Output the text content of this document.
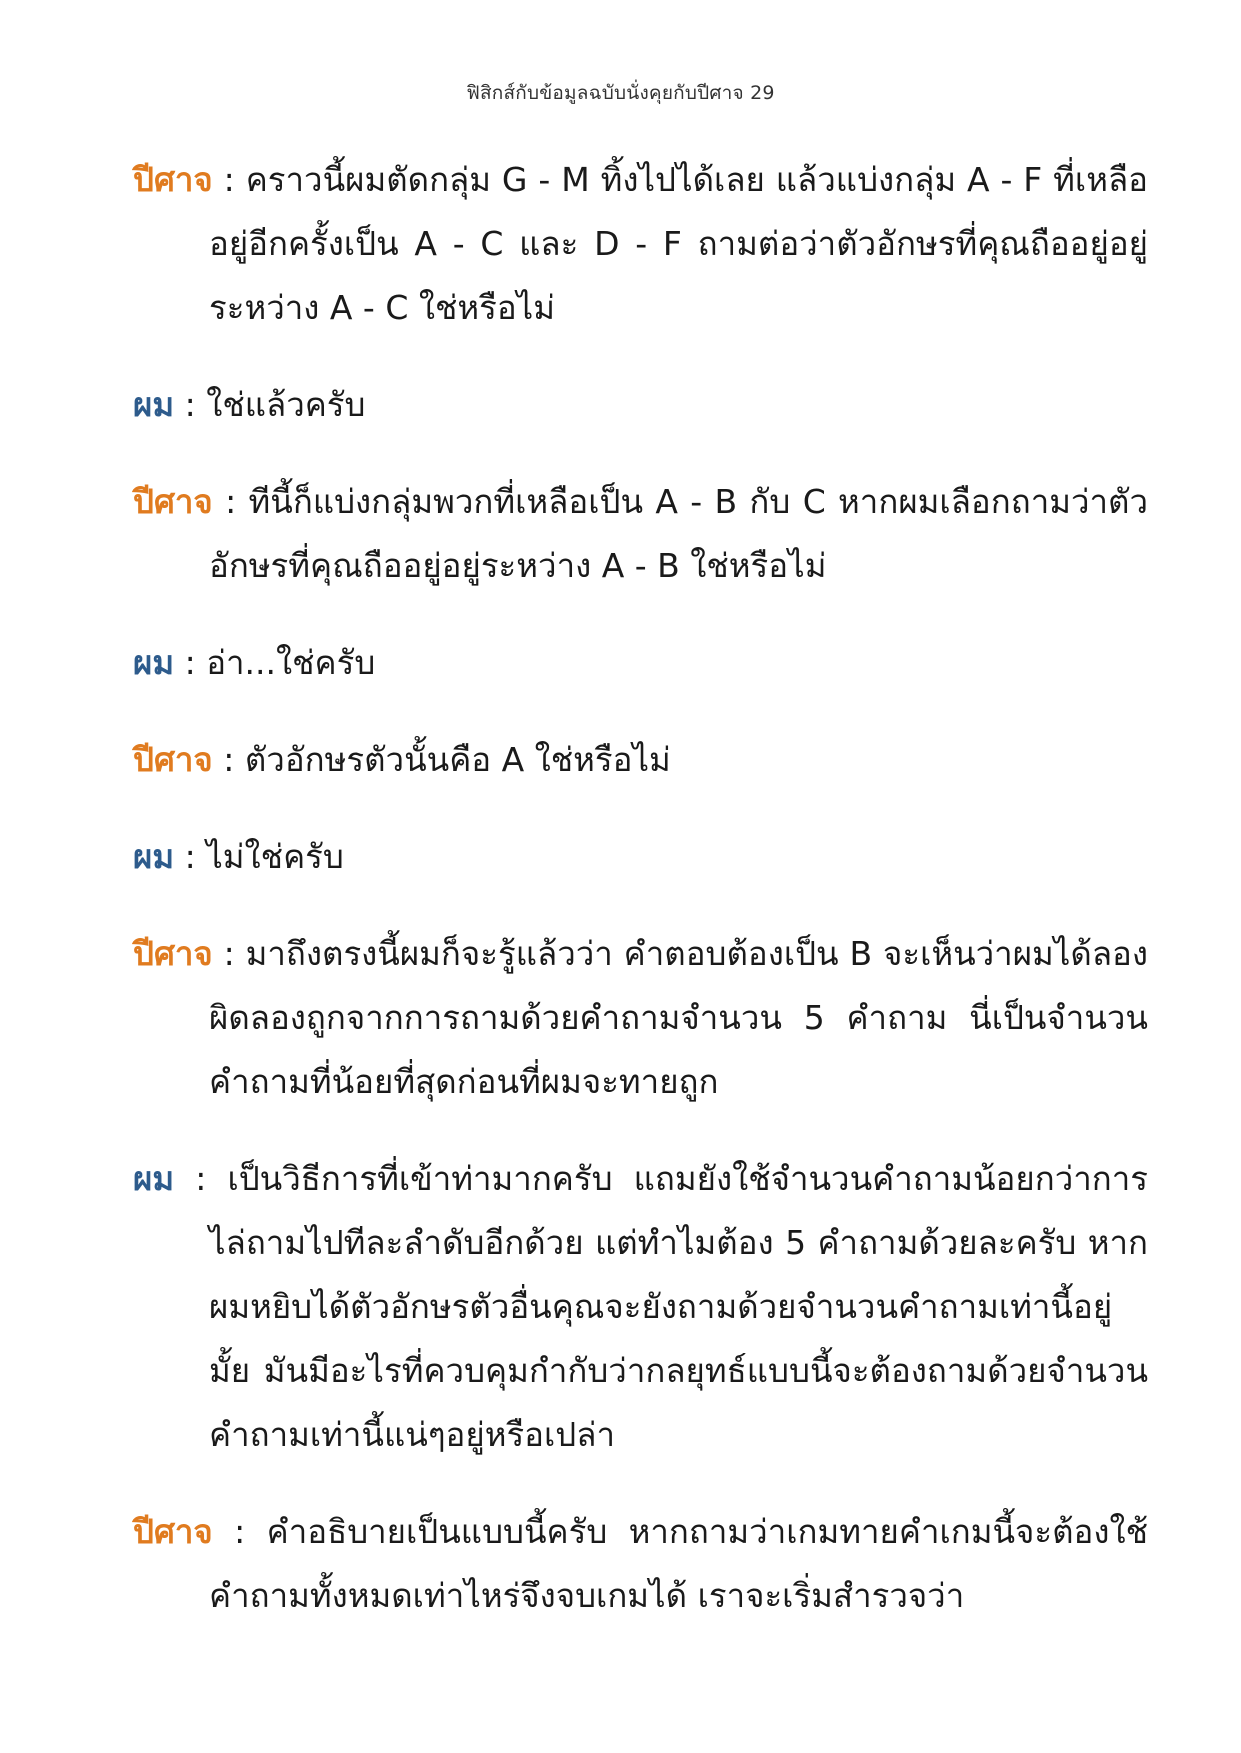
ฟิสิกส์กับข้อมูลฉบับนั่งคุยกับปีศาจ 29

ปีศาจ : คราวนี้ผมตัดกลุ่ม G - M ทิ้งไปได้เลย แล้วแบ่งกลุ่ม A - F ที่เหลืออยู่อีกครั้งเป็น A - C และ D - F ถามต่อว่าตัวอักษรที่คุณถืออยู่อยู่ระหว่าง A - C ใช่หรือไม่

ผม : ใช่แล้วครับ

ปีศาจ : ทีนี้ก็แบ่งกลุ่มพวกที่เหลือเป็น A - B กับ C หากผมเลือกถามว่าตัวอักษรที่คุณถืออยู่อยู่ระหว่าง A - B ใช่หรือไม่

ผม : อ่า...ใช่ครับ

ปีศาจ : ตัวอักษรตัวนั้นคือ A ใช่หรือไม่

ผม : ไม่ใช่ครับ

ปีศาจ : มาถึงตรงนี้ผมก็จะรู้แล้วว่า คำตอบต้องเป็น B จะเห็นว่าผมได้ลองผิดลองถูกจากการถามด้วยคำถามจำนวน 5 คำถาม นี่เป็นจำนวนคำถามที่น้อยที่สุดก่อนที่ผมจะทายถูก

ผม : เป็นวิธีการที่เข้าท่ามากครับ แถมยังใช้จำนวนคำถามน้อยกว่าการไล่ถามไปทีละลำดับอีกด้วย แต่ทำไมต้อง 5 คำถามด้วยละครับ หากผมหยิบได้ตัวอักษรตัวอื่นคุณจะยังถามด้วยจำนวนคำถามเท่านี้อยู่มั้ย มันมีอะไรที่ควบคุมกำกับว่ากลยุทธ์แบบนี้จะต้องถามด้วยจำนวนคำถามเท่านี้แน่ๆอยู่หรือเปล่า

ปีศาจ : คำอธิบายเป็นแบบนี้ครับ หากถามว่าเกมทายคำเกมนี้จะต้องใช้คำถามทั้งหมดเท่าไหร่จึงจบเกมได้ เราจะเริ่มสำรวจว่า
